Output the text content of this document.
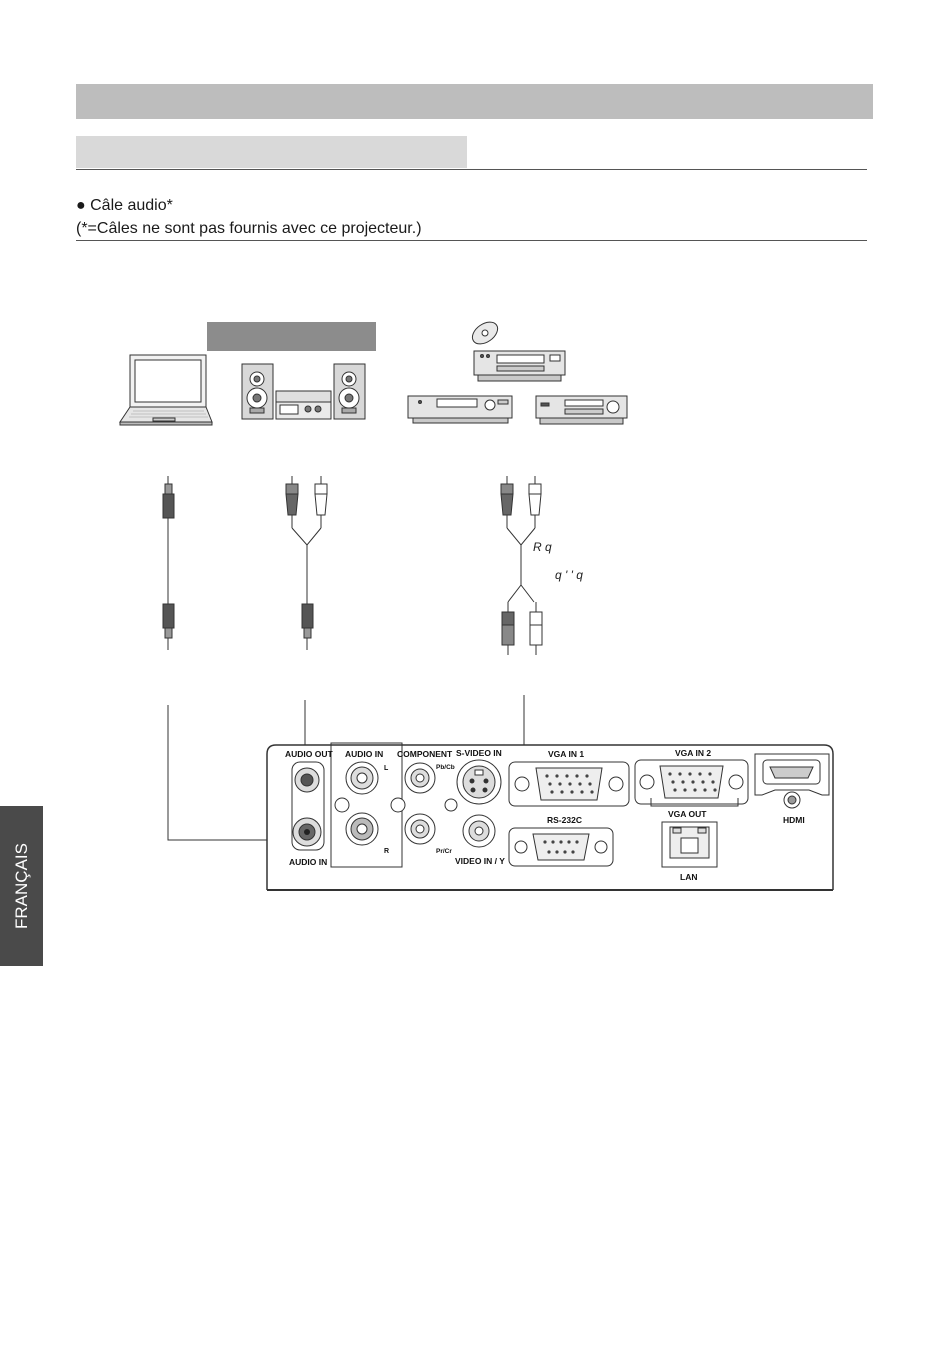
● Câle audio*
(*=Câles ne sont pas fournis avec ce projecteur.)
FRANÇAIS
R q
q ' ' q
AUDIO OUT AUDIO IN COMPONENT S-VIDEO IN	VGA IN 1	VGA IN 2
L
R
Pb/Cb
Pr/Cr
AUDIO IN	VIDEO IN / Y
RS-232C
VGA OUT
LAN
HDMI
